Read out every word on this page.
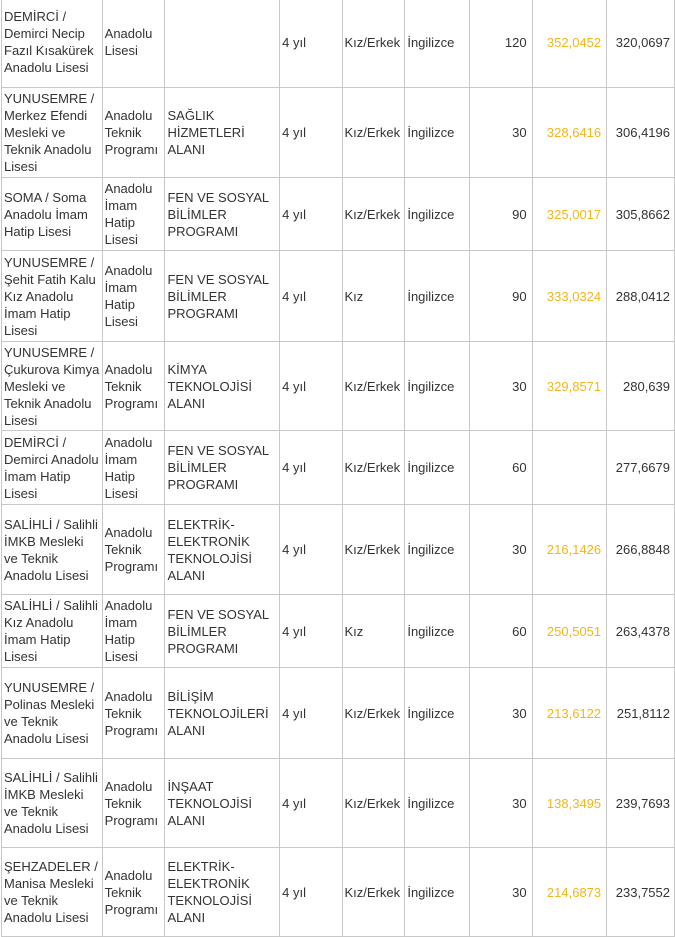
DEMİRCİ / Demirci Necip Fazıl Kısakürek Anadolu Lisesi	Anadolu Lisesi		4 yıl	Kız/Erkek	İngilizce	120	352,0452	320,0697
YUNUSEMRE / Merkez Efendi Mesleki ve Teknik Anadolu Lisesi	Anadolu Teknik Programı	SAĞLIK HİZMETLERİ ALANI	4 yıl	Kız/Erkek	İngilizce	30	328,6416	306,4196
SOMA / Soma Anadolu İmam Hatip Lisesi	Anadolu İmam Hatip Lisesi	FEN VE SOSYAL BİLİMLER PROGRAMI	4 yıl	Kız/Erkek	İngilizce	90	325,0017	305,8662
YUNUSEMRE / Şehit Fatih Kalu Kız Anadolu İmam Hatip Lisesi	Anadolu İmam Hatip Lisesi	FEN VE SOSYAL BİLİMLER PROGRAMI	4 yıl	Kız	İngilizce	90	333,0324	288,0412
YUNUSEMRE / Çukurova Kimya Mesleki ve Teknik Anadolu Lisesi	Anadolu Teknik Programı	KİMYA TEKNOLOJİSİ ALANI	4 yıl	Kız/Erkek	İngilizce	30	329,8571	280,639
DEMİRCİ / Demirci Anadolu İmam Hatip Lisesi	Anadolu İmam Hatip Lisesi	FEN VE SOSYAL BİLİMLER PROGRAMI	4 yıl	Kız/Erkek	İngilizce	60		277,6679
SALİHLİ / Salihli İMKB Mesleki ve Teknik Anadolu Lisesi	Anadolu Teknik Programı	ELEKTRİK-ELEKTRONİK TEKNOLOJİSİ ALANI	4 yıl	Kız/Erkek	İngilizce	30	216,1426	266,8848
SALİHLİ / Salihli Kız Anadolu İmam Hatip Lisesi	Anadolu İmam Hatip Lisesi	FEN VE SOSYAL BİLİMLER PROGRAMI	4 yıl	Kız	İngilizce	60	250,5051	263,4378
YUNUSEMRE / Polinas Mesleki ve Teknik Anadolu Lisesi	Anadolu Teknik Programı	BİLİŞİM TEKNOLOJİLERİ ALANI	4 yıl	Kız/Erkek	İngilizce	30	213,6122	251,8112
SALİHLİ / Salihli İMKB Mesleki ve Teknik Anadolu Lisesi	Anadolu Teknik Programı	İNŞAAT TEKNOLOJİSİ ALANI	4 yıl	Kız/Erkek	İngilizce	30	138,3495	239,7693
ŞEHZADELER / Manisa Mesleki ve Teknik Anadolu Lisesi	Anadolu Teknik Programı	ELEKTRİK-ELEKTRONİK TEKNOLOJİSİ ALANI	4 yıl	Kız/Erkek	İngilizce	30	214,6873	233,7552
